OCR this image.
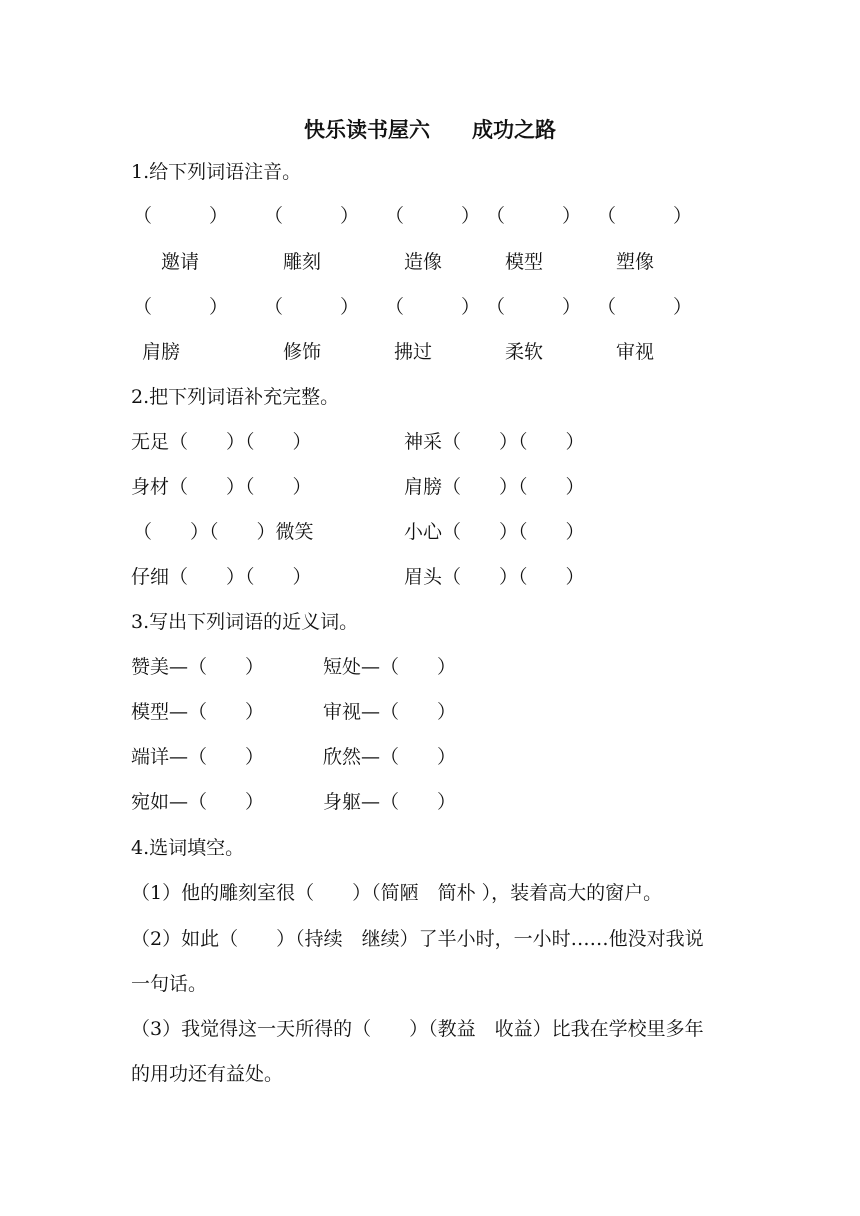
快乐读书屋六　　成功之路
1.给下列词语注音。
（　　　） （　　　） （　　　） （　　　） （　　　）
邀请	雕刻	造像	模型	塑像
（　　　） （　　　） （　　　） （　　　） （　　　）
肩膀	修饰	拂过	柔软	审视
2.把下列词语补充完整。
无足（　　）（　　）	神采（　　）（　　）
身材（　　）（　　）	肩膀（　　）（　　）
（　　）（　　）微笑	小心（　　）（　　）
仔细（　　）（　　）	眉头（　　）（　　）
3.写出下列词语的近义词。
赞美—（　　）	短处—（　　）
模型—（　　）	审视—（　　）
端详—（　　）	欣然—（　　）
宛如—（　　）	身躯—（　　）
4.选词填空。
（1）他的雕刻室很（　　）（简陋　简朴 ），装着高大的窗户。
（2）如此（　　）（持续　继续）了半小时，一小时……他没对我说
一句话。
（3）我觉得这一天所得的（　　）（教益　收益）比我在学校里多年
的用功还有益处。
